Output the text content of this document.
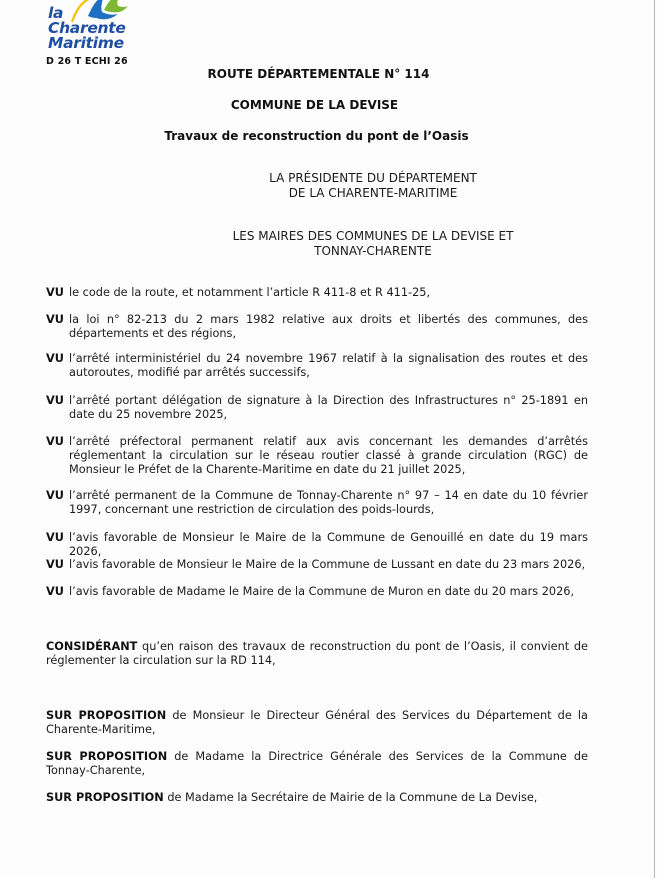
la
Charente
Maritime
D 26 T ECHI 26
ROUTE DÉPARTEMENTALE N° 114
COMMUNE DE LA DEVISE
Travaux de reconstruction du pont de l’Oasis
LA PRÉSIDENTE DU DÉPARTEMENT
DE LA CHARENTE-MARITIME
LES MAIRES DES COMMUNES DE LA DEVISE ET
TONNAY-CHARENTE
VU le code de la route, et notamment l’article R 411-8 et R 411-25,
VU la loi n° 82-213 du 2 mars 1982 relative aux droits et libertés des communes, des départements et des régions,
VU l’arrêté interministériel du 24 novembre 1967 relatif à la signalisation des routes et des autoroutes, modifié par arrêtés successifs,
VU l’arrêté portant délégation de signature à la Direction des Infrastructures n° 25-1891 en date du 25 novembre 2025,
VU l’arrêté préfectoral permanent relatif aux avis concernant les demandes d’arrêtés réglementant la circulation sur le réseau routier classé à grande circulation (RGC) de Monsieur le Préfet de la Charente-Maritime en date du 21 juillet 2025,
VU l’arrêté permanent de la Commune de Tonnay-Charente n° 97 – 14 en date du 10 février 1997, concernant une restriction de circulation des poids-lourds,
VU l’avis favorable de Monsieur le Maire de la Commune de Genouillé en date du 19 mars 2026,
VU l’avis favorable de Monsieur le Maire de la Commune de Lussant en date du 23 mars 2026,
VU l’avis favorable de Madame le Maire de la Commune de Muron en date du 20 mars 2026,
CONSIDÉRANT qu’en raison des travaux de reconstruction du pont de l’Oasis, il convient de réglementer la circulation sur la RD 114,
SUR PROPOSITION de Monsieur le Directeur Général des Services du Département de la Charente-Maritime,
SUR PROPOSITION de Madame la Directrice Générale des Services de la Commune de Tonnay-Charente,
SUR PROPOSITION de Madame la Secrétaire de Mairie de la Commune de La Devise,
